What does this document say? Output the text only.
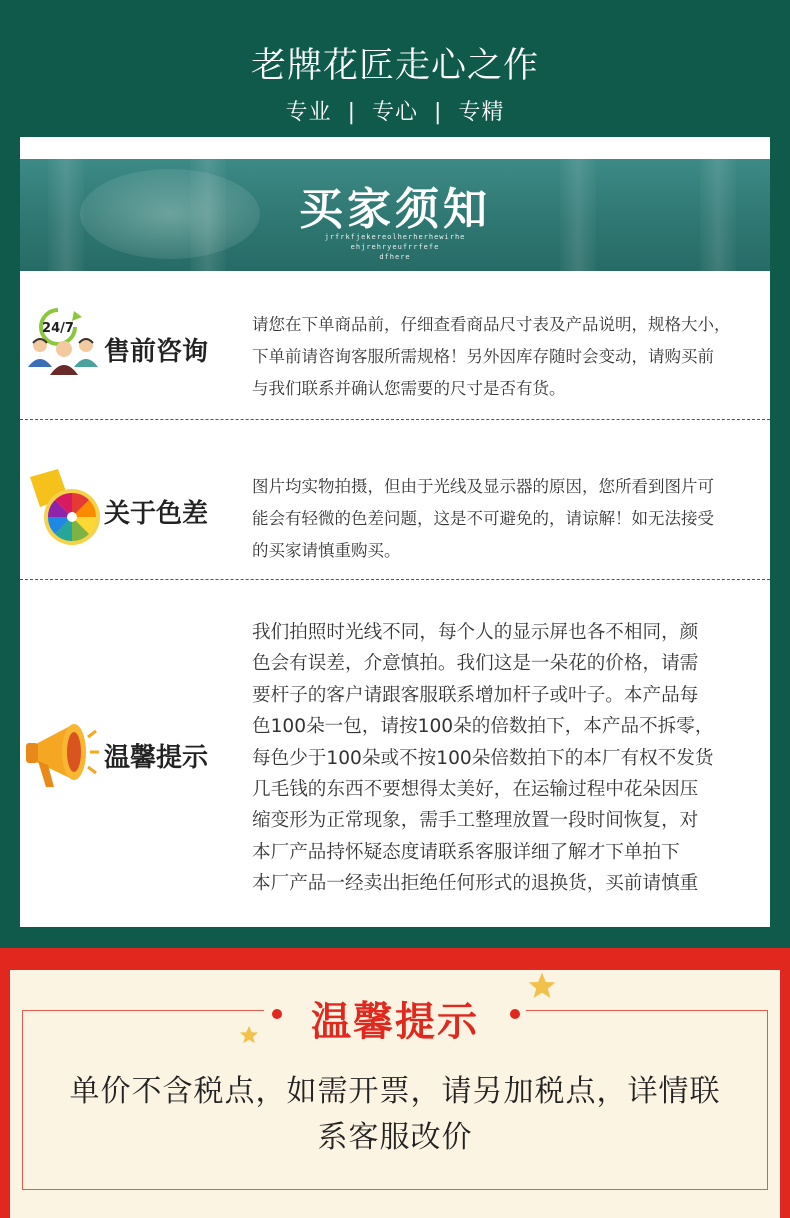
老牌花匠走心之作
专业 | 专心 | 专精
买家须知
jrfrkfjekereolherherhewirhe
ehjrehryeufrrfefe
dfhere
24/7
售前咨询
请您在下单商品前，仔细查看商品尺寸表及产品说明，规格大小，
下单前请咨询客服所需规格！另外因库存随时会变动，请购买前
与我们联系并确认您需要的尺寸是否有货。
关于色差
图片均实物拍摄，但由于光线及显示器的原因，您所看到图片可
能会有轻微的色差问题，这是不可避免的，请谅解！如无法接受
的买家请慎重购买。
温馨提示
我们拍照时光线不同，每个人的显示屏也各不相同，颜
色会有误差，介意慎拍。我们这是一朵花的价格，请需
要杆子的客户请跟客服联系增加杆子或叶子。本产品每
色100朵一包，请按100朵的倍数拍下，本产品不拆零，
每色少于100朵或不按100朵倍数拍下的本厂有权不发货
几毛钱的东西不要想得太美好，在运输过程中花朵因压
缩变形为正常现象，需手工整理放置一段时间恢复，对
本厂产品持怀疑态度请联系客服详细了解才下单拍下
本厂产品一经卖出拒绝任何形式的退换货，买前请慎重
温馨提示
单价不含税点，如需开票，请另加税点，详情联
系客服改价
